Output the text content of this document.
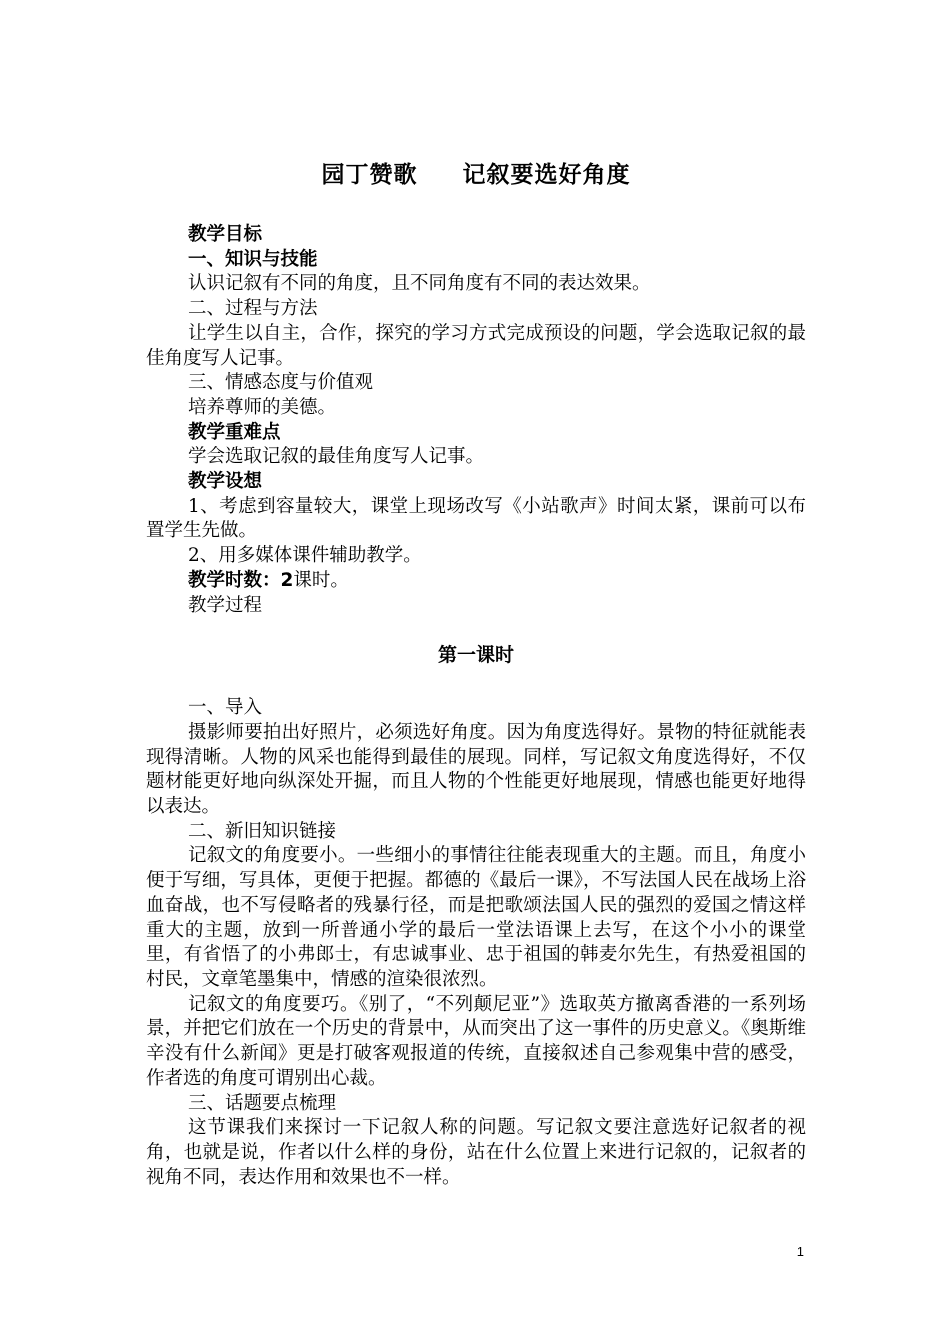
园丁赞歌     记叙要选好角度

教学目标

一、知识与技能

认识记叙有不同的角度，且不同角度有不同的表达效果。

二、过程与方法

让学生以自主，合作，探究的学习方式完成预设的问题，学会选取记叙的最佳角度写人记事。

三、情感态度与价值观

培养尊师的美德。

教学重难点

学会选取记叙的最佳角度写人记事。

教学设想

1、考虑到容量较大，课堂上现场改写《小站歌声》时间太紧，课前可以布置学生先做。

2、用多媒体课件辅助教学。

教学时数：2课时。

教学过程

第一课时

一、导入

摄影师要拍出好照片，必须选好角度。因为角度选得好。景物的特征就能表现得清晰。人物的风采也能得到最佳的展现。同样，写记叙文角度选得好，不仅题材能更好地向纵深处开掘，而且人物的个性能更好地展现，情感也能更好地得以表达。

二、新旧知识链接

记叙文的角度要小。一些细小的事情往往能表现重大的主题。而且，角度小便于写细，写具体，更便于把握。都德的《最后一课》，不写法国人民在战场上浴血奋战，也不写侵略者的残暴行径，而是把歌颂法国人民的强烈的爱国之情这样重大的主题，放到一所普通小学的最后一堂法语课上去写，在这个小小的课堂里，有省悟了的小弗郎士，有忠诚事业、忠于祖国的韩麦尔先生，有热爱祖国的村民，文章笔墨集中，情感的渲染很浓烈。

记叙文的角度要巧。《别了，“不列颠尼亚”》选取英方撤离香港的一系列场景，并把它们放在一个历史的背景中，从而突出了这一事件的历史意义。《奥斯维辛没有什么新闻》更是打破客观报道的传统，直接叙述自己参观集中营的感受，作者选的角度可谓别出心裁。

三、话题要点梳理

这节课我们来探讨一下记叙人称的问题。写记叙文要注意选好记叙者的视角，也就是说，作者以什么样的身份，站在什么位置上来进行记叙的，记叙者的视角不同，表达作用和效果也不一样。

1
